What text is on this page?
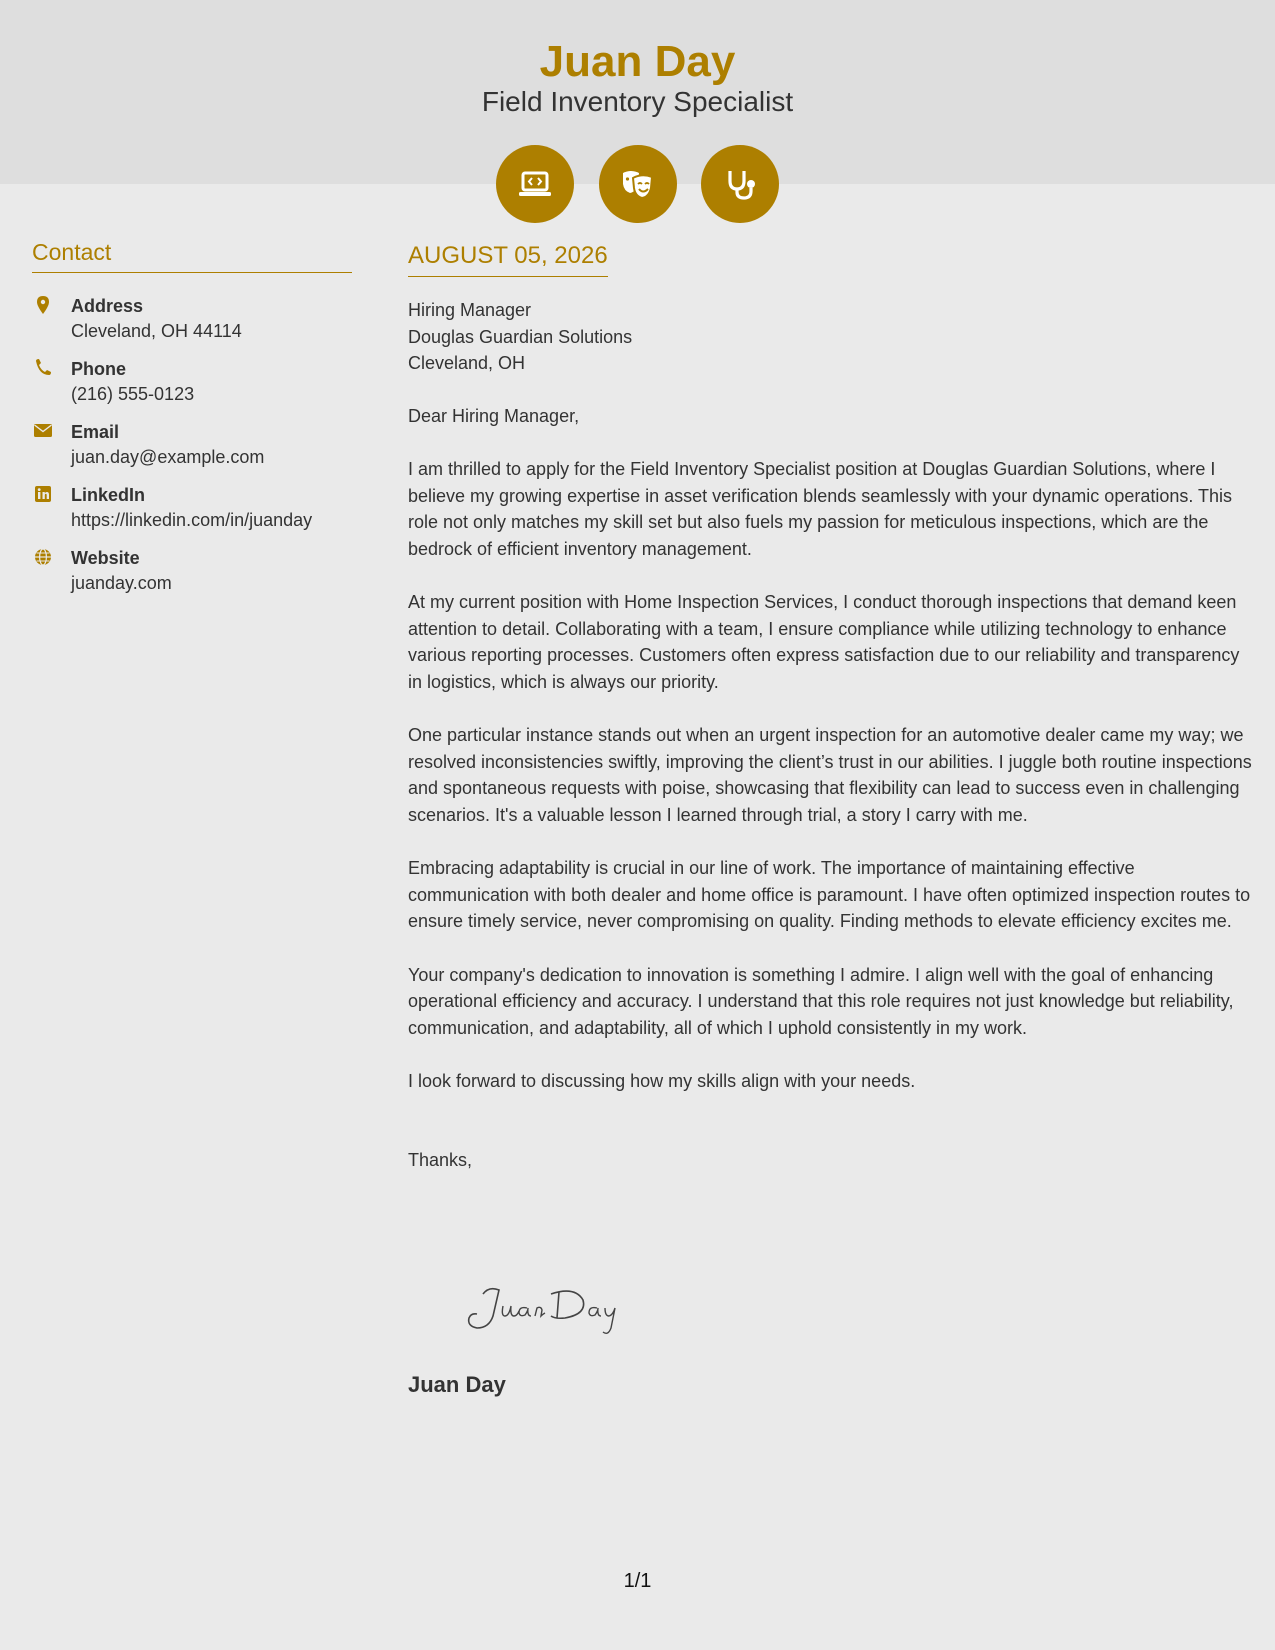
Juan Day
Field Inventory Specialist
Contact
Address
Cleveland, OH 44114
Phone
(216) 555-0123
Email
juan.day@example.com
LinkedIn
https://linkedin.com/in/juanday
Website
juanday.com
AUGUST 05, 2026
Hiring Manager
Douglas Guardian Solutions
Cleveland, OH
Dear Hiring Manager,
I am thrilled to apply for the Field Inventory Specialist position at Douglas Guardian Solutions, where I believe my growing expertise in asset verification blends seamlessly with your dynamic operations. This role not only matches my skill set but also fuels my passion for meticulous inspections, which are the bedrock of efficient inventory management.
At my current position with Home Inspection Services, I conduct thorough inspections that demand keen attention to detail. Collaborating with a team, I ensure compliance while utilizing technology to enhance various reporting processes. Customers often express satisfaction due to our reliability and transparency in logistics, which is always our priority.
One particular instance stands out when an urgent inspection for an automotive dealer came my way; we resolved inconsistencies swiftly, improving the client’s trust in our abilities. I juggle both routine inspections and spontaneous requests with poise, showcasing that flexibility can lead to success even in challenging scenarios. It's a valuable lesson I learned through trial, a story I carry with me.
Embracing adaptability is crucial in our line of work. The importance of maintaining effective communication with both dealer and home office is paramount. I have often optimized inspection routes to ensure timely service, never compromising on quality. Finding methods to elevate efficiency excites me.
Your company's dedication to innovation is something I admire. I align well with the goal of enhancing operational efficiency and accuracy. I understand that this role requires not just knowledge but reliability, communication, and adaptability, all of which I uphold consistently in my work.
I look forward to discussing how my skills align with your needs.
Thanks,
Juan Day
1/1
